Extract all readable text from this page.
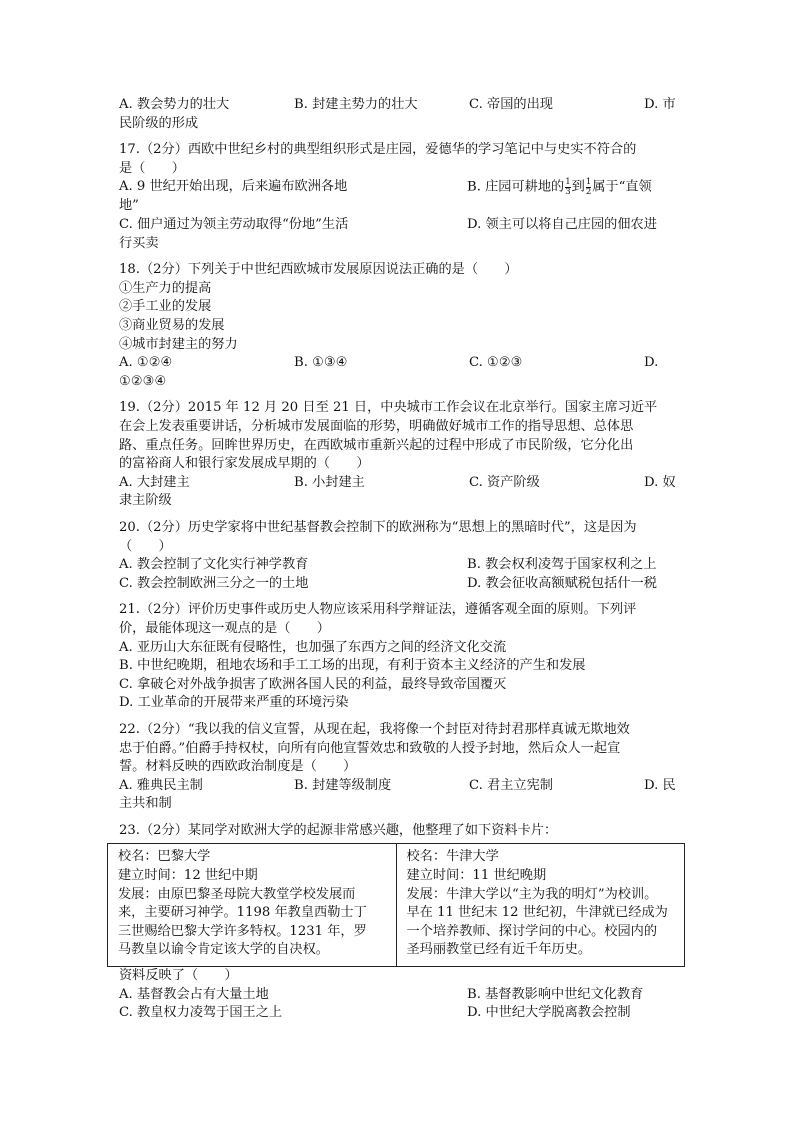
A. 教会势力的壮大	B. 封建主势力的壮大	C. 帝国的出现	D. 市
民阶级的形成
17.（2分）西欧中世纪乡村的典型组织形式是庄园，爱德华的学习笔记中与史实不符合的
是（　　）
A. 9 世纪开始出现，后来遍布欧洲各地	B. 庄园可耕地的 $\frac{1}{3}$ 到 $\frac{1}{2}$ 属于“直领
地”
C. 佃户通过为领主劳动取得“份地”生活	D. 领主可以将自己庄园的佃农进
行买卖
18.（2分）下列关于中世纪西欧城市发展原因说法正确的是（　　）
①生产力的提高
②手工业的发展
③商业贸易的发展
④城市封建主的努力
A. ①②④	B. ①③④	C. ①②③	D.
①②③④
19.（2分）2015 年 12 月 20 日至 21 日，中央城市工作会议在北京举行。国家主席习近平
在会上发表重要讲话，分析城市发展面临的形势，明确做好城市工作的指导思想、总体思
路、重点任务。回眸世界历史，在西欧城市重新兴起的过程中形成了市民阶级，它分化出
的富裕商人和银行家发展成早期的（　　）
A. 大封建主	B. 小封建主	C. 资产阶级	D. 奴
隶主阶级
20.（2分）历史学家将中世纪基督教会控制下的欧洲称为“思想上的黑暗时代”，这是因为
（　　）
A. 教会控制了文化实行神学教育	B. 教会权利凌驾于国家权利之上
C. 教会控制欧洲三分之一的土地	D. 教会征收高额赋税包括什一税
21.（2分）评价历史事件或历史人物应该采用科学辩证法，遵循客观全面的原则。下列评
价，最能体现这一观点的是（　　）
A. 亚历山大东征既有侵略性，也加强了东西方之间的经济文化交流
B. 中世纪晚期，租地农场和手工工场的出现，有利于资本主义经济的产生和发展
C. 拿破仑对外战争损害了欧洲各国人民的利益，最终导致帝国覆灭
D. 工业革命的开展带来严重的环境污染
22.（2分）“我以我的信义宣誓，从现在起，我将像一个封臣对待封君那样真诚无欺地效
忠于伯爵。”伯爵手持权杖，向所有向他宣誓效忠和致敬的人授予封地，然后众人一起宣
誓。材料反映的西欧政治制度是（　　）
A. 雅典民主制	B. 封建等级制度	C. 君主立宪制	D. 民
主共和制
23.（2分）某同学对欧洲大学的起源非常感兴趣，他整理了如下资料卡片：
校名：巴黎大学
建立时间：12 世纪中期
发展：由原巴黎圣母院大教堂学校发展而
来，主要研习神学。1198 年教皇西勒士丁
三世赐给巴黎大学许多特权。1231 年，罗
马教皇以谕令肯定该大学的自决权。

校名：牛津大学
建立时间：11 世纪晚期
发展：牛津大学以“主为我的明灯”为校训。
早在 11 世纪末 12 世纪初，牛津就已经成为
一个培养教师、探讨学问的中心。校园内的
圣玛丽教堂已经有近千年历史。
资料反映了（　　）
A. 基督教会占有大量土地	B. 基督教影响中世纪文化教育
C. 教皇权力凌驾于国王之上	D. 中世纪大学脱离教会控制
